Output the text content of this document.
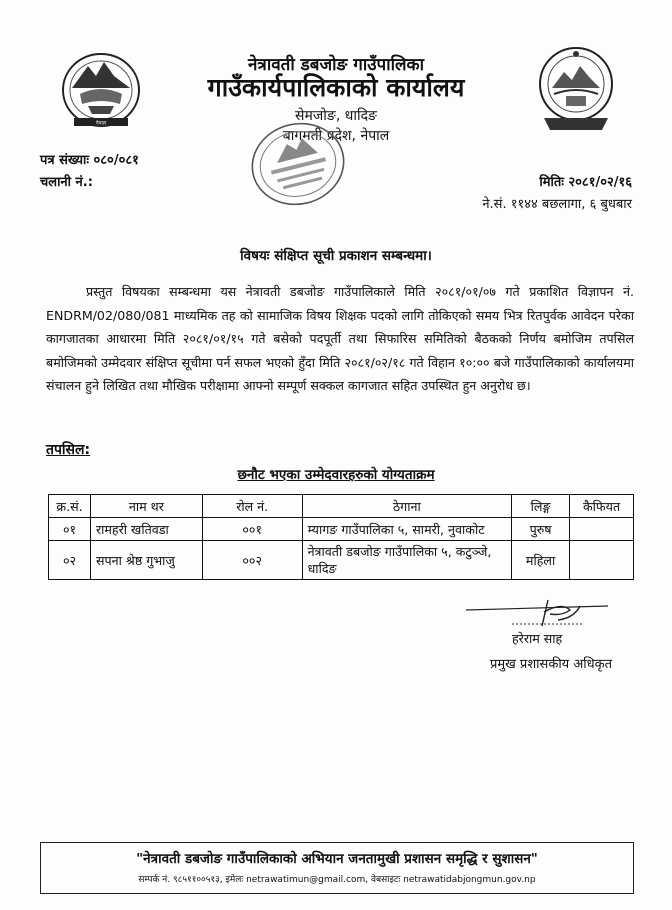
नेपाल
नेत्रावती डबजोङ गाउँपालिका
गाउँकार्यपालिकाको कार्यालय
सेमजोङ, धादिङ
बागमती प्रदेश, नेपाल
पत्र संख्याः ०८०/०८१
चलानी नं.:	मितिः २०८१/०२/१६
ने.सं. ११४४ बछलागा, ६ बुधबार
विषयः संक्षिप्त सूची प्रकाशन सम्बन्धमा।
प्रस्तुत विषयका सम्बन्धमा यस नेत्रावती डबजोङ गाउँपालिकाले मिति २०८१/०१/०७ गते प्रकाशित विज्ञापन नं. ENDRM/02/080/081 माध्यमिक तह को सामाजिक विषय शिक्षक पदको लागि तोकिएको समय भित्र रितपुर्वक आवेदन परेका कागजातका आधारमा मिति २०८१/०१/१५ गते बसेको पदपूर्ती तथा सिफारिस समितिको बैठकको निर्णय बमोजिम तपसिल बमोजिमको उम्मेदवार संक्षिप्त सूचीमा पर्न सफल भएको हुँदा मिति २०८१/०२/१८ गते विहान १०:०० बजे गाउँपालिकाको कार्यालयमा संचालन हुने लिखित तथा मौखिक परीक्षामा आफ्नो सम्पूर्ण सक्कल कागजात सहित उपस्थित हुन अनुरोध छ।
तपसिल:
छनौट भएका उम्मेदवारहरुको योग्यताक्रम
क्र.सं.	नाम थर	रोल नं.	ठेगाना	लिङ्ग	कैफियत
०१	रामहरी खतिवडा	००१	म्यागङ गाउँपालिका ५, सामरी, नुवाकोट	पुरुष	
०२	सपना श्रेष्ठ गुभाजु	००२	नेत्रावती डबजोङ गाउँपालिका ५, कटुञ्जे, धादिङ	महिला	
हरेराम साह
प्रमुख प्रशासकीय अधिकृत
"नेत्रावती डबजोङ गाउँपालिकाको अभियान जनतामुखी प्रशासन समृद्धि र सुशासन"
सम्पर्क नं. ९८५११००५१३, इमेलः netrawatimun@gmail.com, वेबसाइटः netrawatidabjongmun.gov.np
